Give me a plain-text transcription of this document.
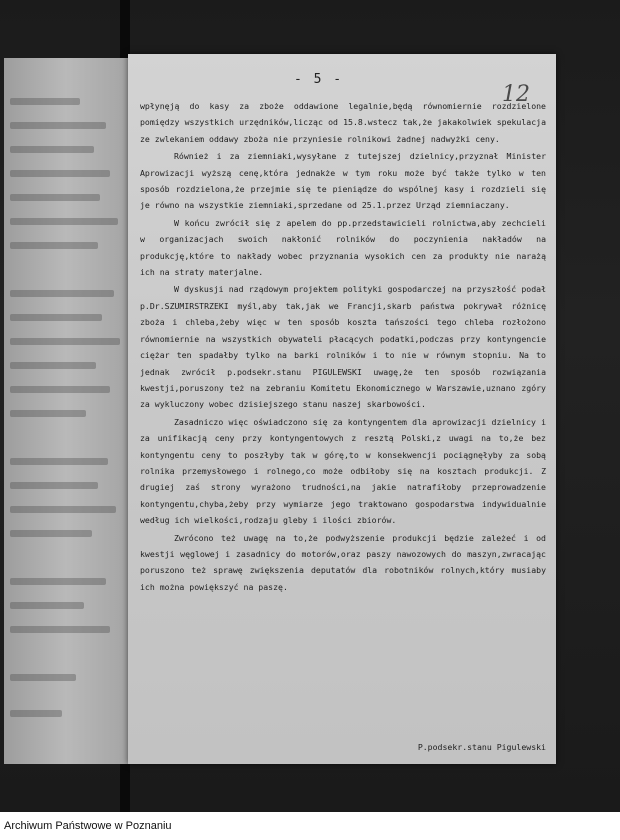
- 5 -
12

wpłynęją do kasy za zboże oddawione legalnie,będą równomiernie rozdzielone pomiędzy wszystkich urzędników,licząc od 15.8.wstecz tak,że jakakolwiek spekulacja ze zwlekaniem oddawy zboża nie przyniesie rolnikowi żadnej nadwyżki ceny.

Również i za ziemniaki,wysyłane z tutejszej dzielnicy,przyznał Minister Aprowizacji wyższą cenę,która jednakże w tym roku może być także tylko w ten sposób rozdzielona,że przejmie się te pieniądze do wspólnej kasy i rozdzieli się je równo na wszystkie ziemniaki,sprzedane od 25.1.przez Urząd ziemniaczany.

W końcu zwrócił się z apelem do pp.przedstawicieli rolnictwa,aby zechcieli w organizacjach swoich nakłonić rolników do poczynienia nakładów na produkcję,które to nakłady wobec przyznania wysokich cen za produkty nie narażą ich na straty materjalne.

W dyskusji nad rządowym projektem polityki gospodarczej na przyszłość podał p.Dr.SZUMIRSTRZEKI myśl,aby tak,jak we Francji,skarb państwa pokrywał różnicę zboża i chleba,żeby więc w ten sposób koszta tańszości tego chleba rozłożono równomiernie na wszystkich obywateli płacących podatki,podczas przy kontyngencie ciężar ten spadałby tylko na barki rolników i to nie w równym stopniu. Na to jednak zwrócił p.podsekr.stanu PIGULEWSKI uwagę,że ten sposób rozwiązania kwestji,poruszony też na zebraniu Komitetu Ekonomicznego w Warszawie,uznano zgóry za wykluczony wobec dzisiejszego stanu naszej skarbowości.

Zasadniczo więc oświadczono się za kontyngentem dla aprowizacji dzielnicy i za unifikacją ceny przy kontyngentowych z resztą Polski,z uwagi na to,że bez kontyngentu ceny to poszłyby tak w górę,to w konsekwencji pociągnęłyby za sobą rolnika przemysłowego i rolnego,co może odbiłoby się na kosztach produkcji. Z drugiej zaś strony wyrażono trudności,na jakie natrafiłoby przeprowadzenie kontyngentu,chyba,żeby przy wymiarze jego traktowano gospodarstwa indywidualnie według ich wielkości,rodzaju gleby i ilości zbiorów.

Zwrócono też uwagę na to,że podwyższenie produkcji będzie zależeć i od kwestji węglowej i zasadnicy do motorów,oraz paszy nawozowych do maszyn,zwracając poruszono też sprawę zwiększenia deputatów dla robotników rolnych,który musiaby ich można powiększyć na paszę.

P.podsekr.stanu Pigulewski
Archiwum Państwowe w Poznaniu
